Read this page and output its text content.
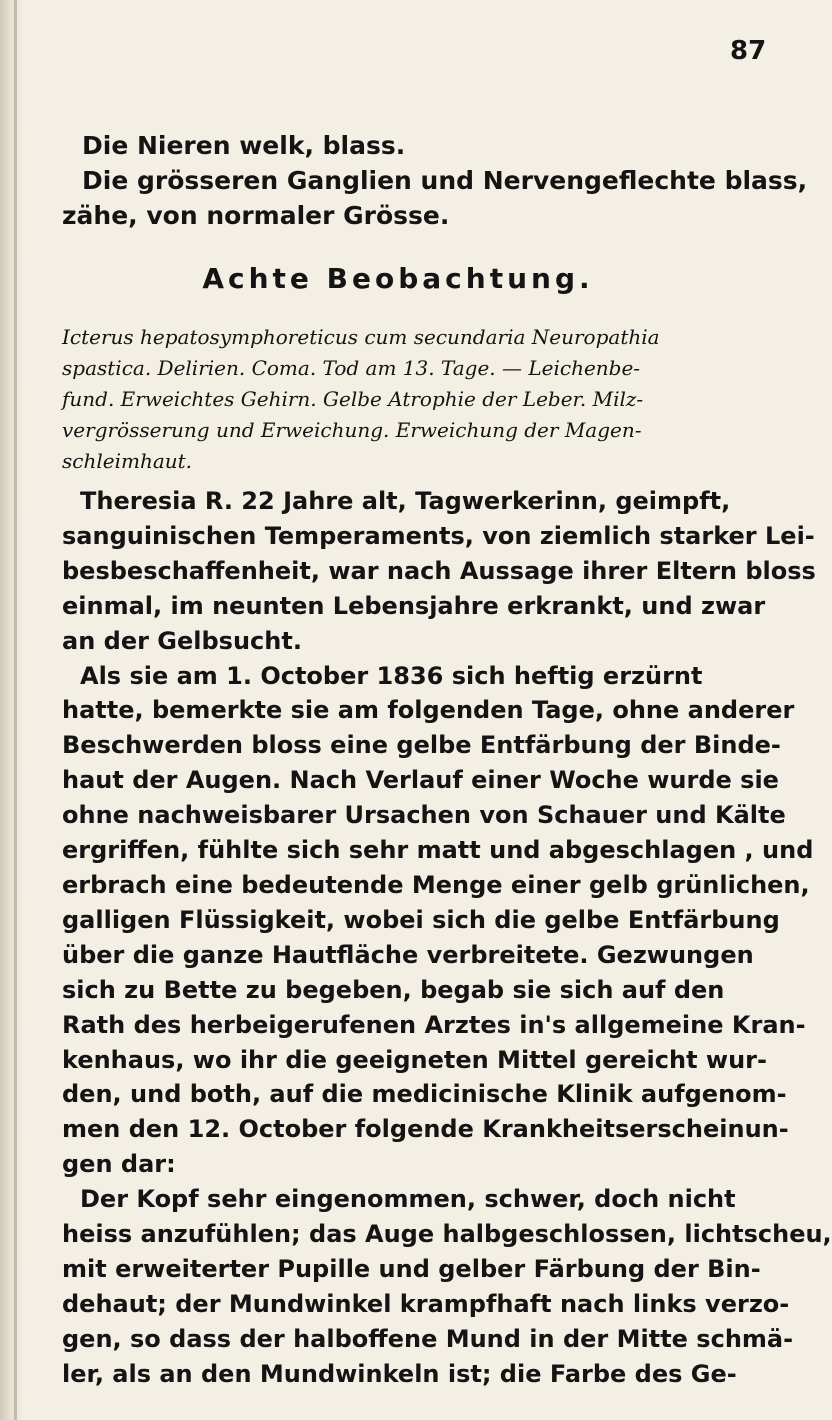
87
Die Nieren welk, blass.
Die grösseren Ganglien und Nervengeflechte blass,
zähe, von normaler Grösse.
Achte Beobachtung.
Icterus hepatosymphoreticus cum secundaria Neuropathia
spastica. Delirien. Coma. Tod am 13. Tage. — Leichenbe-
fund. Erweichtes Gehirn. Gelbe Atrophie der Leber. Milz-
vergrösserung und Erweichung. Erweichung der Magen-
schleimhaut.
Theresia R. 22 Jahre alt, Tagwerkerinn, geimpft,
sanguinischen Temperaments, von ziemlich starker Lei-
besbeschaffenheit, war nach Aussage ihrer Eltern bloss
einmal, im neunten Lebensjahre erkrankt, und zwar
an der Gelbsucht.
Als sie am 1. October 1836 sich heftig erzürnt
hatte, bemerkte sie am folgenden Tage, ohne anderer
Beschwerden bloss eine gelbe Entfärbung der Binde-
haut der Augen. Nach Verlauf einer Woche wurde sie
ohne nachweisbarer Ursachen von Schauer und Kälte
ergriffen, fühlte sich sehr matt und abgeschlagen , und
erbrach eine bedeutende Menge einer gelb grünlichen,
galligen Flüssigkeit, wobei sich die gelbe Entfärbung
über die ganze Hautfläche verbreitete. Gezwungen
sich zu Bette zu begeben, begab sie sich auf den
Rath des herbeigerufenen Arztes in's allgemeine Kran-
kenhaus, wo ihr die geeigneten Mittel gereicht wur-
den, und both, auf die medicinische Klinik aufgenom-
men den 12. October folgende Krankheitserscheinun-
gen dar:
Der Kopf sehr eingenommen, schwer, doch nicht
heiss anzufühlen; das Auge halbgeschlossen, lichtscheu,
mit erweiterter Pupille und gelber Färbung der Bin-
dehaut; der Mundwinkel krampfhaft nach links verzo-
gen, so dass der halboffene Mund in der Mitte schmä-
ler, als an den Mundwinkeln ist; die Farbe des Ge-
